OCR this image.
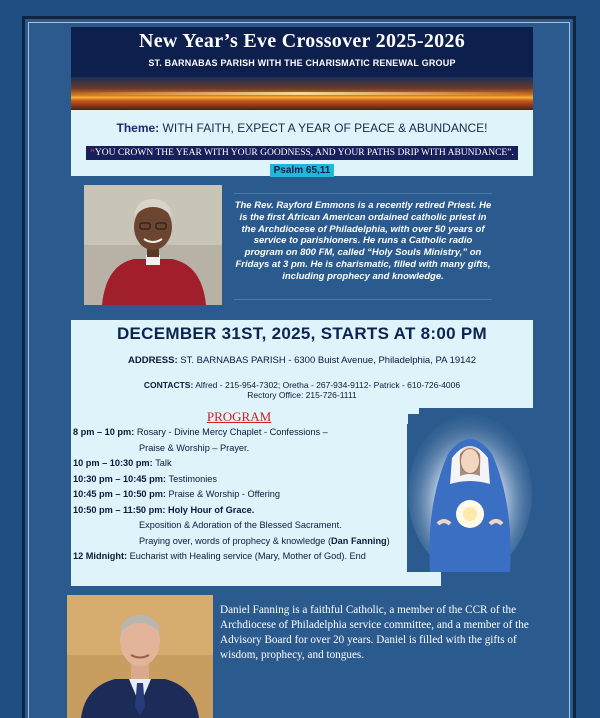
New Year’s Eve Crossover 2025-2026
ST. BARNABAS PARISH WITH THE CHARISMATIC RENEWAL GROUP
Theme: WITH FAITH, EXPECT A YEAR OF PEACE & ABUNDANCE!
“YOU CROWN THE YEAR WITH YOUR GOODNESS, AND YOUR PATHS DRIP WITH ABUNDANCE”.
Psalm 65,11
The Rev. Rayford Emmons is a recently retired Priest. He is the first African American ordained catholic priest in the Archdiocese of Philadelphia, with over 50 years of service to parishioners. He runs a Catholic radio program on 800 FM, called “Holy Souls Ministry,” on Fridays at 3 pm. He is charismatic, filled with many gifts, including prophecy and knowledge.
DECEMBER 31ST, 2025, STARTS AT 8:00 PM
ADDRESS: ST. BARNABAS PARISH - 6300 Buist Avenue, Philadelphia, PA 19142
CONTACTS: Alfred - 215-954-7302; Oretha - 267-934-9112- Patrick - 610-726-4006
Rectory Office: 215-726-1111
PROGRAM
8 pm – 10 pm: Rosary - Divine Mercy Chaplet - Confessions –
Praise & Worship – Prayer.
10 pm – 10:30 pm: Talk
10:30 pm – 10:45 pm: Testimonies
10:45 pm – 10:50 pm: Praise & Worship - Offering
10:50 pm – 11:50 pm: Holy Hour of Grace.
Exposition & Adoration of the Blessed Sacrament.
Praying over, words of prophecy & knowledge (Dan Fanning)
12 Midnight: Eucharist with Healing service (Mary, Mother of God). End
Daniel Fanning is a faithful Catholic, a member of the CCR of the Archdiocese of Philadelphia service committee, and a member of the Advisory Board for over 20 years. Daniel is filled with the gifts of wisdom, prophecy, and tongues.
